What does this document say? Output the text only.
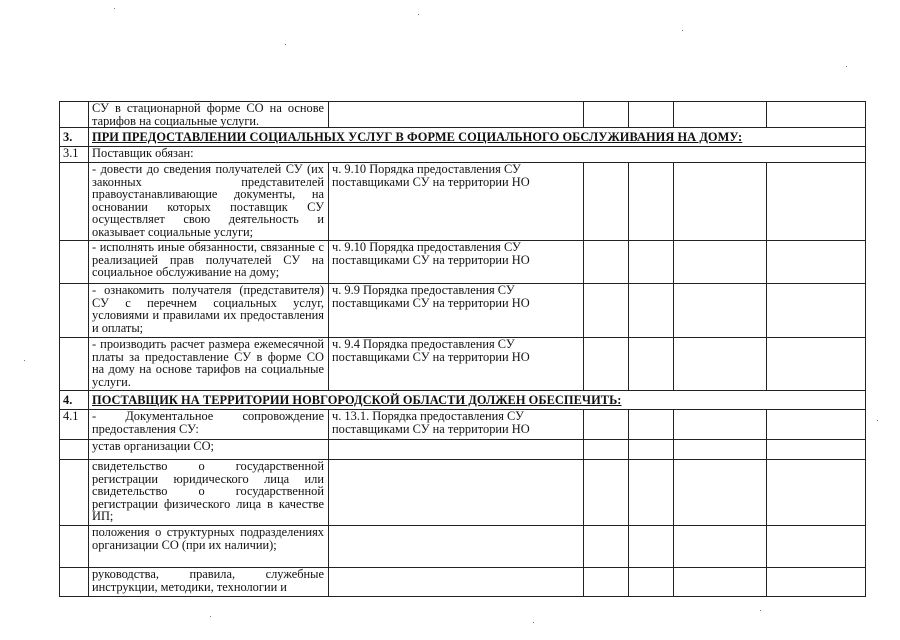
	СУ в стационарной форме СО на основе тарифов на социальные услуги.					
3.	ПРИ ПРЕДОСТАВЛЕНИИ СОЦИАЛЬНЫХ УСЛУГ В ФОРМЕ СОЦИАЛЬНОГО ОБСЛУЖИВАНИЯ НА ДОМУ:					
3.1	Поставщик обязан:					
	- довести до сведения получателей СУ (их законных представителей правоустанавливающие документы, на основании которых поставщик СУ осуществляет свою деятельность и оказывает социальные услуги;	ч. 9.10 Порядка предоставления СУ поставщиками СУ на территории НО				
	- исполнять иные обязанности, связанные с реализацией прав получателей СУ на социальное обслуживание на дому;	ч. 9.10 Порядка предоставления СУ поставщиками СУ на территории НО				
	- ознакомить получателя (представителя) СУ с перечнем социальных услуг, условиями и правилами их предоставления и оплаты;	ч. 9.9 Порядка предоставления СУ поставщиками СУ на территории НО				
	- производить расчет размера ежемесячной платы за предоставление СУ в форме СО на дому на основе тарифов на социальные услуги.	ч. 9.4 Порядка предоставления СУ поставщиками СУ на территории НО				
4.	ПОСТАВЩИК НА ТЕРРИТОРИИ НОВГОРОДСКОЙ ОБЛАСТИ ДОЛЖЕН ОБЕСПЕЧИТЬ:					
4.1	- Документальное сопровождение предоставления СУ:	ч. 13.1. Порядка предоставления СУ поставщиками СУ на территории НО				
	устав организации СО;					
	свидетельство о государственной регистрации юридического лица или свидетельство о государственной регистрации физического лица в качестве ИП;					
	положения о структурных подразделениях организации СО (при их наличии);					
	руководства, правила, служебные инструкции, методики, технологии и					
